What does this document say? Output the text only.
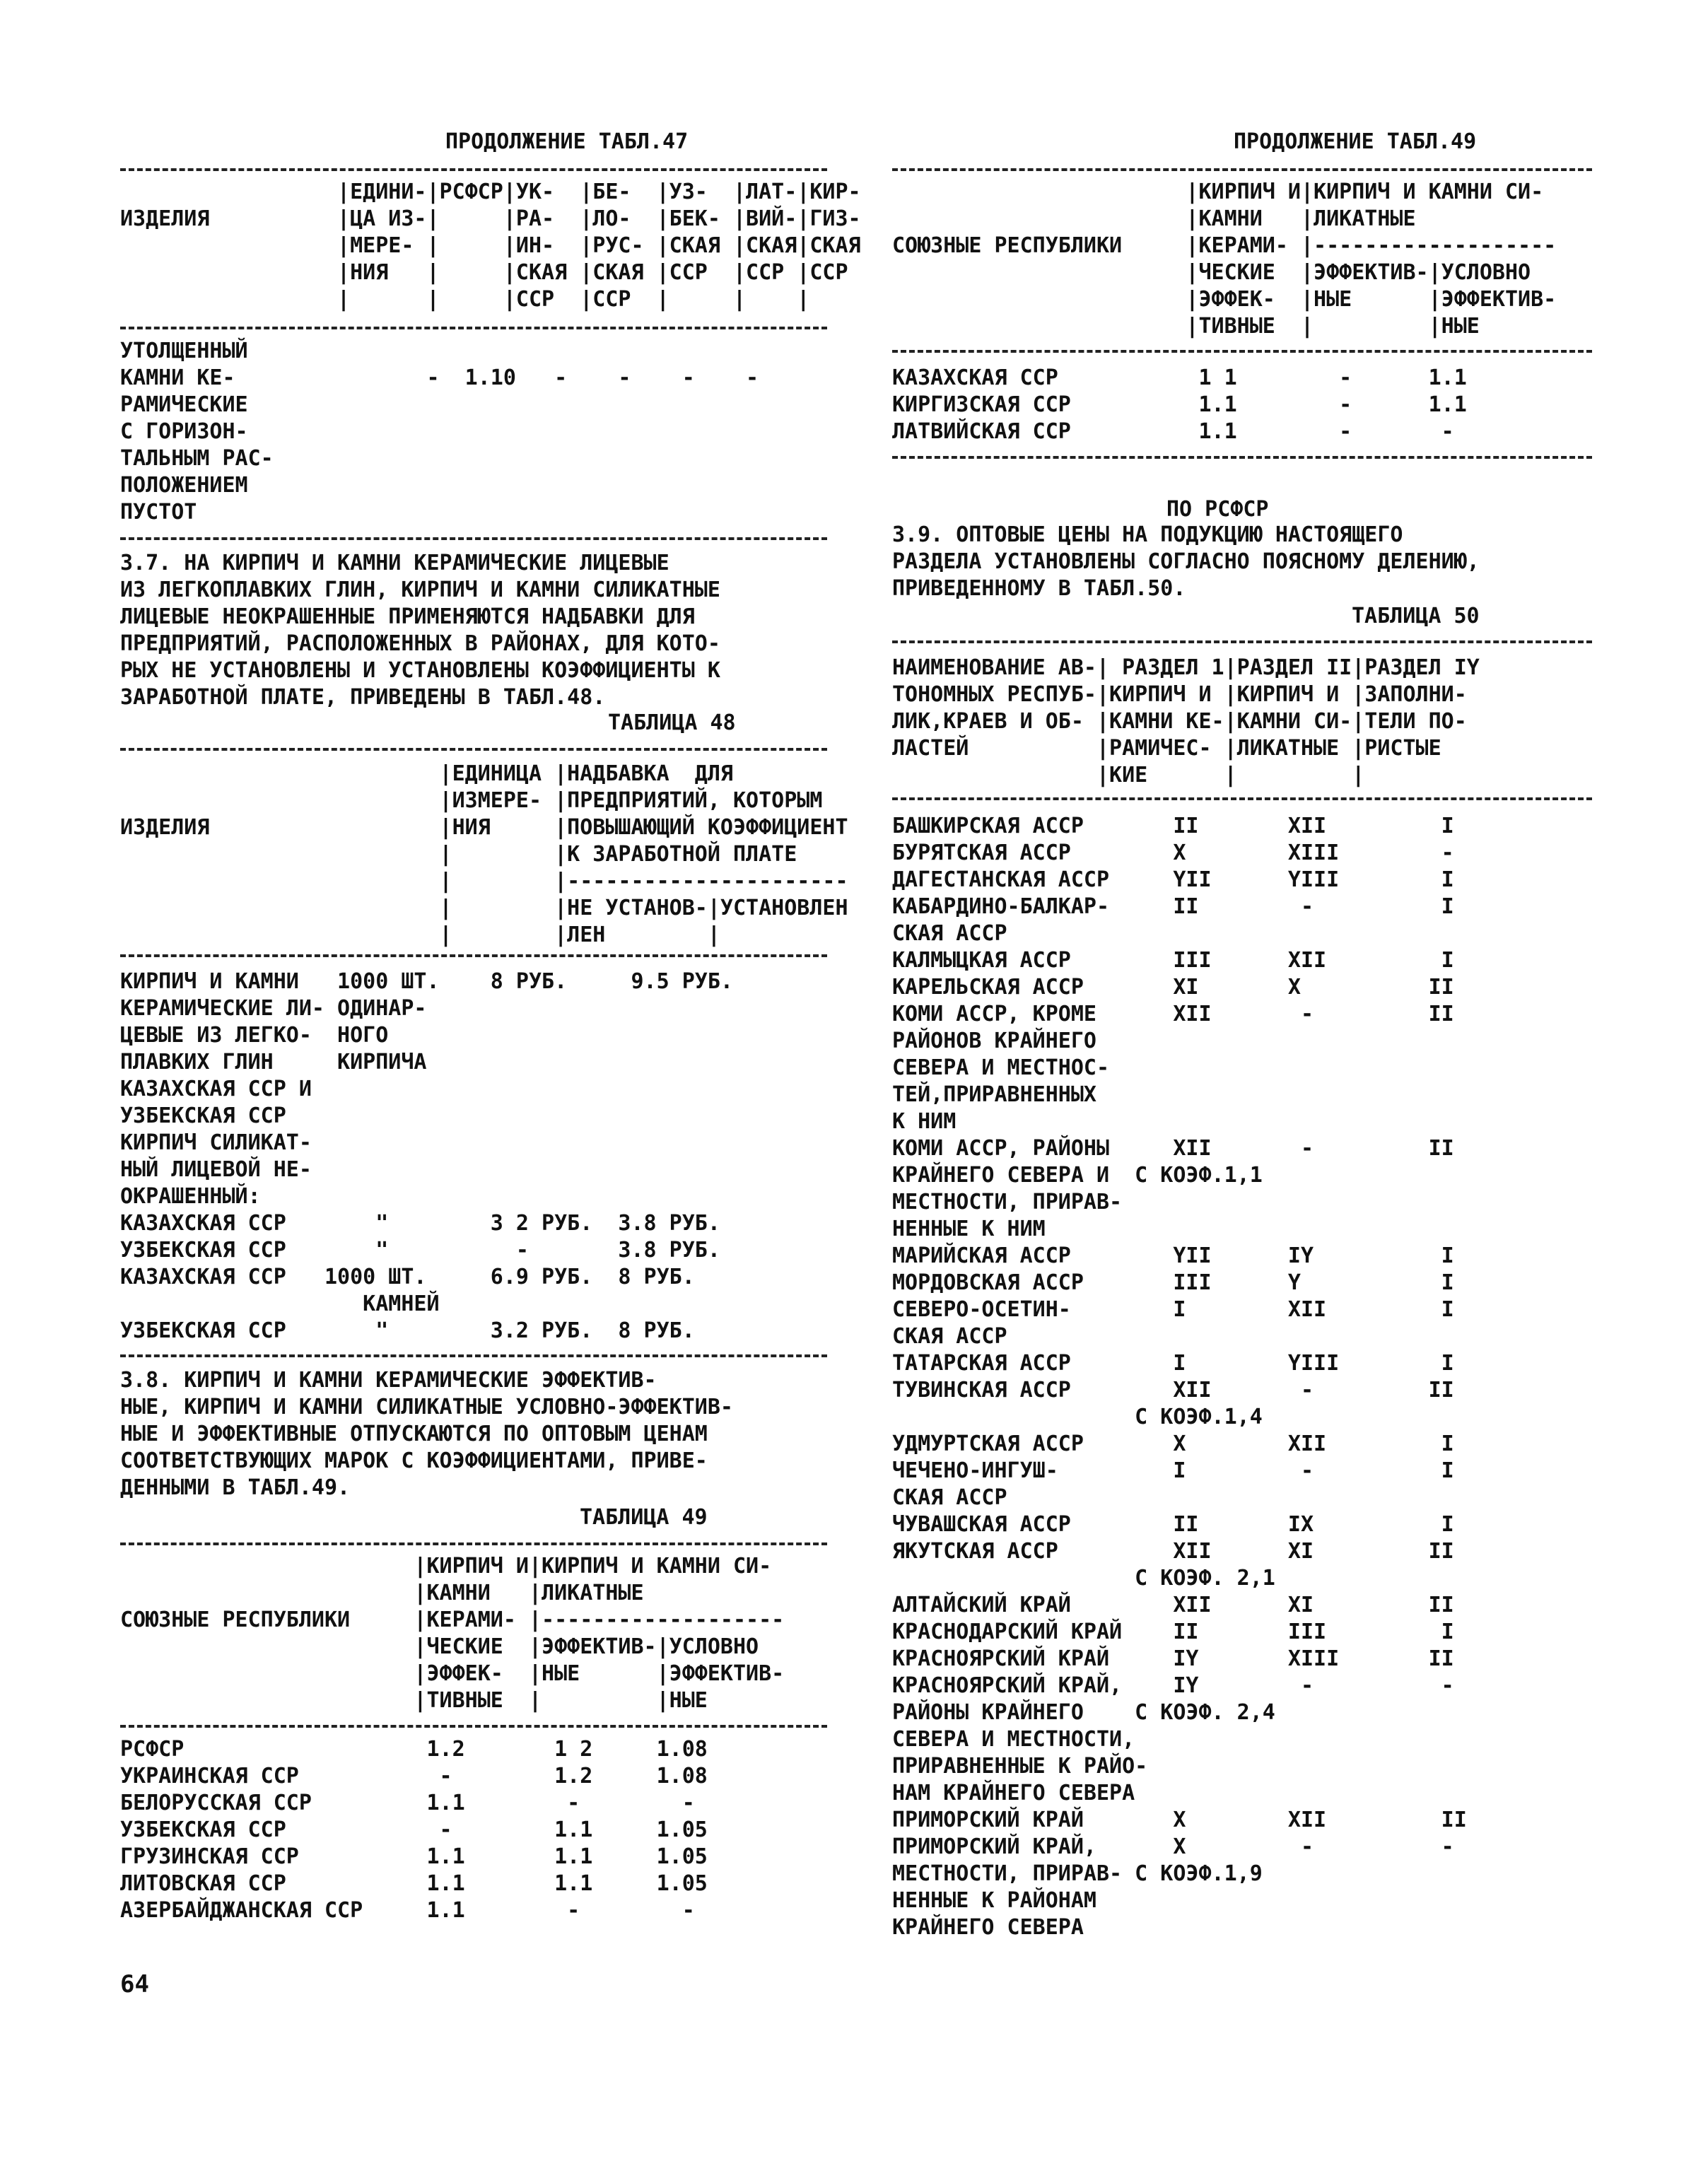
ПРОДОЛЖЕНИЕ ТАБЛ.47
|ЕДИНИ-|РСФСР|УК-  |БЕ-  |УЗ-  |ЛАТ-|КИР-
ИЗДЕЛИЯ          |ЦА ИЗ-|     |РА-  |ЛО-  |БЕК- |ВИЙ-|ГИЗ-
|МЕРЕ- |     |ИН-  |РУС- |СКАЯ |СКАЯ|СКАЯ
|НИЯ   |     |СКАЯ |СКАЯ |ССР  |ССР |ССР
|      |     |ССР  |ССР  |     |    |
УТОЛЩЕННЫЙ
КАМНИ КЕ-               -  1.10   -    -    -    -
РАМИЧЕСКИЕ
С ГОРИЗОН-
ТАЛЬНЫМ РАС-
ПОЛОЖЕНИЕМ
ПУСТОТ
3.7. НА КИРПИЧ И КАМНИ КЕРАМИЧЕСКИЕ ЛИЦЕВЫЕ
ИЗ ЛЕГКОПЛАВКИХ ГЛИН, КИРПИЧ И КАМНИ СИЛИКАТНЫЕ
ЛИЦЕВЫЕ НЕОКРАШЕННЫЕ ПРИМЕНЯЮТСЯ НАДБАВКИ ДЛЯ
ПРЕДПРИЯТИЙ, РАСПОЛОЖЕННЫХ В РАЙОНАХ, ДЛЯ КОТО-
РЫХ НЕ УСТАНОВЛЕНЫ И УСТАНОВЛЕНЫ КОЭФФИЦИЕНТЫ К
ЗАРАБОТНОЙ ПЛАТЕ, ПРИВЕДЕНЫ В ТАБЛ.48.
ТАБЛИЦА 48
|ЕДИНИЦА |НАДБАВКА  ДЛЯ
|ИЗМЕРЕ- |ПРЕДПРИЯТИЙ, КОТОРЫМ
ИЗДЕЛИЯ                  |НИЯ     |ПОВЫШАЮЩИЙ КОЭФФИЦИЕНТ
|        |К ЗАРАБОТНОЙ ПЛАТЕ
|        |----------------------
|        |НЕ УСТАНОВ-|УСТАНОВЛЕН
|        |ЛЕН        |
КИРПИЧ И КАМНИ   1000 ШТ.    8 РУБ.     9.5 РУБ.
КЕРАМИЧЕСКИЕ ЛИ- ОДИНАР-
ЦЕВЫЕ ИЗ ЛЕГКО-  НОГО
ПЛАВКИХ ГЛИН     КИРПИЧА
КАЗАХСКАЯ ССР И
УЗБЕКСКАЯ ССР
КИРПИЧ СИЛИКАТ-
НЫЙ ЛИЦЕВОЙ НЕ-
ОКРАШЕННЫЙ:
КАЗАХСКАЯ ССР       "        3 2 РУБ.  3.8 РУБ.
УЗБЕКСКАЯ ССР       "          -       3.8 РУБ.
КАЗАХСКАЯ ССР   1000 ШТ.     6.9 РУБ.  8 РУБ.
КАМНЕЙ
УЗБЕКСКАЯ ССР       "        3.2 РУБ.  8 РУБ.
3.8. КИРПИЧ И КАМНИ КЕРАМИЧЕСКИЕ ЭФФЕКТИВ-
НЫЕ, КИРПИЧ И КАМНИ СИЛИКАТНЫЕ УСЛОВНО-ЭФФЕКТИВ-
НЫЕ И ЭФФЕКТИВНЫЕ ОТПУСКАЮТСЯ ПО ОПТОВЫМ ЦЕНАМ
СООТВЕТСТВУЮЩИХ МАРОК С КОЭФФИЦИЕНТАМИ, ПРИВЕ-
ДЕННЫМИ В ТАБЛ.49.
ТАБЛИЦА 49
|КИРПИЧ И|КИРПИЧ И КАМНИ СИ-
|КАМНИ   |ЛИКАТНЫЕ
СОЮЗНЫЕ РЕСПУБЛИКИ     |КЕРАМИ- |-------------------
|ЧЕСКИЕ  |ЭФФЕКТИВ-|УСЛОВНО
|ЭФФЕК-  |НЫЕ      |ЭФФЕКТИВ-
|ТИВНЫЕ  |         |НЫЕ
РСФСР                   1.2       1 2     1.08
УКРАИНСКАЯ ССР           -        1.2     1.08
БЕЛОРУССКАЯ ССР         1.1        -        -
УЗБЕКСКАЯ ССР            -        1.1     1.05
ГРУЗИНСКАЯ ССР          1.1       1.1     1.05
ЛИТОВСКАЯ ССР           1.1       1.1     1.05
АЗЕРБАЙДЖАНСКАЯ ССР     1.1        -        -
64
ПРОДОЛЖЕНИЕ ТАБЛ.49
|КИРПИЧ И|КИРПИЧ И КАМНИ СИ-
|КАМНИ   |ЛИКАТНЫЕ
СОЮЗНЫЕ РЕСПУБЛИКИ     |КЕРАМИ- |-------------------
|ЧЕСКИЕ  |ЭФФЕКТИВ-|УСЛОВНО
|ЭФФЕК-  |НЫЕ      |ЭФФЕКТИВ-
|ТИВНЫЕ  |         |НЫЕ
КАЗАХСКАЯ ССР           1 1        -      1.1
КИРГИЗСКАЯ ССР          1.1        -      1.1
ЛАТВИЙСКАЯ ССР          1.1        -       -
ПО РСФСР
3.9. ОПТОВЫЕ ЦЕНЫ НА ПОДУКЦИЮ НАСТОЯЩЕГО
РАЗДЕЛА УСТАНОВЛЕНЫ СОГЛАСНО ПОЯСНОМУ ДЕЛЕНИЮ,
ПРИВЕДЕННОМУ В ТАБЛ.50.
ТАБЛИЦА 50
НАИМЕНОВАНИЕ АВ-| РАЗДЕЛ 1|РАЗДЕЛ II|РАЗДЕЛ IY
ТОНОМНЫХ РЕСПУБ-|КИРПИЧ И |КИРПИЧ И |ЗАПОЛНИ-
ЛИК,КРАЕВ И ОБ- |КАМНИ КЕ-|КАМНИ СИ-|ТЕЛИ ПО-
ЛАСТЕЙ          |РАМИЧЕС- |ЛИКАТНЫЕ |РИСТЫЕ
|КИЕ      |         |
БАШКИРСКАЯ АССР       II       XII         I
БУРЯТСКАЯ АССР        X        XIII        -
ДАГЕСТАНСКАЯ АССР     YII      YIII        I
КАБАРДИНО-БАЛКАР-     II        -          I
СКАЯ АССР
КАЛМЫЦКАЯ АССР        III      XII         I
КАРЕЛЬСКАЯ АССР       XI       X          II
КОМИ АССР, КРОМЕ      XII       -         II
РАЙОНОВ КРАЙНЕГО
СЕВЕРА И МЕСТНОС-
ТЕЙ,ПРИРАВНЕННЫХ
К НИМ
КОМИ АССР, РАЙОНЫ     XII       -         II
КРАЙНЕГО СЕВЕРА И  С КОЭФ.1,1
МЕСТНОСТИ, ПРИРАВ-
НЕННЫЕ К НИМ
МАРИЙСКАЯ АССР        YII      IY          I
МОРДОВСКАЯ АССР       III      Y           I
СЕВЕРО-ОСЕТИН-        I        XII         I
СКАЯ АССР
ТАТАРСКАЯ АССР        I        YIII        I
ТУВИНСКАЯ АССР        XII       -         II
С КОЭФ.1,4
УДМУРТСКАЯ АССР       X        XII         I
ЧЕЧЕНО-ИНГУШ-         I         -          I
СКАЯ АССР
ЧУВАШСКАЯ АССР        II       IX          I
ЯКУТСКАЯ АССР         XII      XI         II
С КОЭФ. 2,1
АЛТАЙСКИЙ КРАЙ        XII      XI         II
КРАСНОДАРСКИЙ КРАЙ    II       III         I
КРАСНОЯРСКИЙ КРАЙ     IY       XIII       II
КРАСНОЯРСКИЙ КРАЙ,    IY        -          -
РАЙОНЫ КРАЙНЕГО    С КОЭФ. 2,4
СЕВЕРА И МЕСТНОСТИ,
ПРИРАВНЕННЫЕ К РАЙО-
НАМ КРАЙНЕГО СЕВЕРА
ПРИМОРСКИЙ КРАЙ       X        XII         II
ПРИМОРСКИЙ КРАЙ,      X         -          -
МЕСТНОСТИ, ПРИРАВ- С КОЭФ.1,9
НЕННЫЕ К РАЙОНАМ
КРАЙНЕГО СЕВЕРА
